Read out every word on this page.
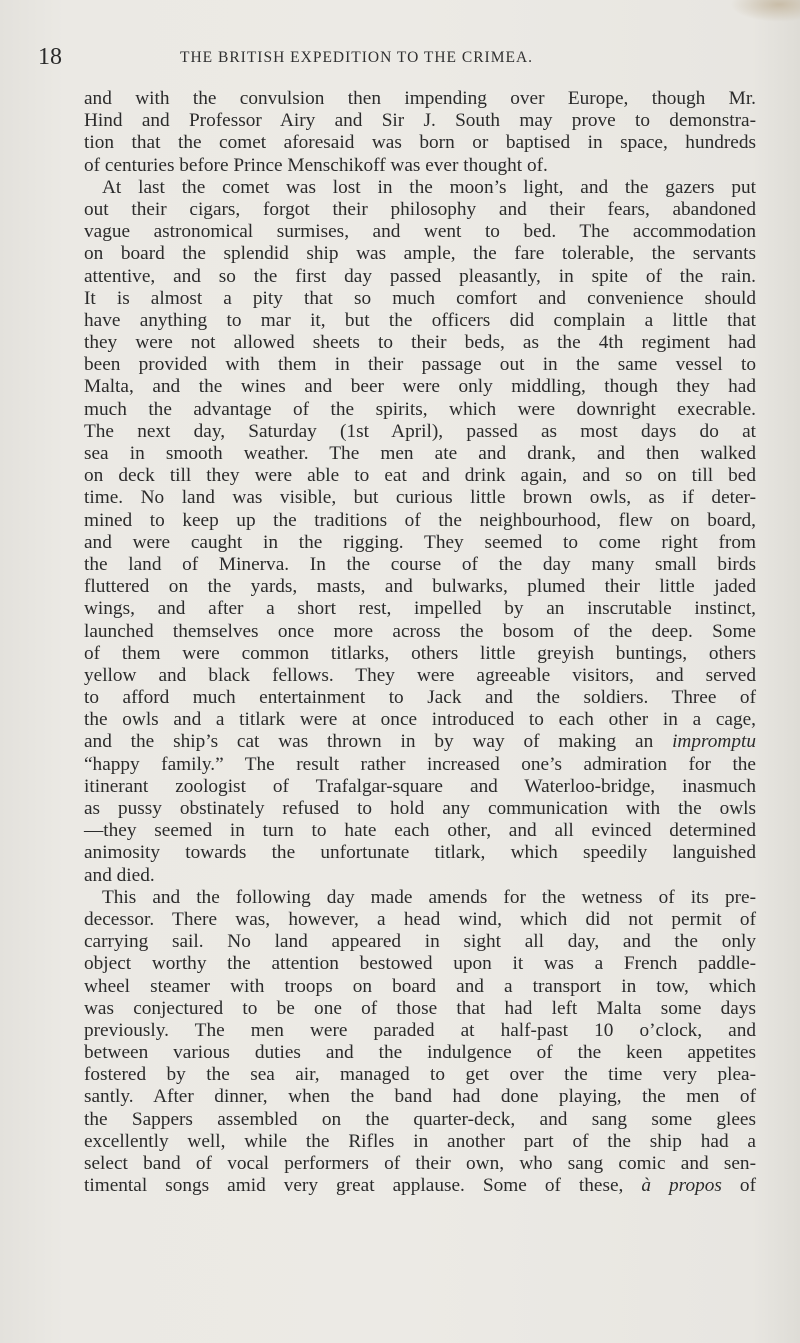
18	THE BRITISH EXPEDITION TO THE CRIMEA.
and with the convulsion then impending over Europe, though Mr.
Hind and Professor Airy and Sir J. South may prove to demonstra-
tion that the comet aforesaid was born or baptised in space, hundreds
of centuries before Prince Menschikoff was ever thought of.
At last the comet was lost in the moon’s light, and the gazers put
out their cigars, forgot their philosophy and their fears, abandoned
vague astronomical surmises, and went to bed. The accommodation
on board the splendid ship was ample, the fare tolerable, the servants
attentive, and so the first day passed pleasantly, in spite of the rain.
It is almost a pity that so much comfort and convenience should
have anything to mar it, but the officers did complain a little that
they were not allowed sheets to their beds, as the 4th regiment had
been provided with them in their passage out in the same vessel to
Malta, and the wines and beer were only middling, though they had
much the advantage of the spirits, which were downright execrable.
The next day, Saturday (1st April), passed as most days do at
sea in smooth weather. The men ate and drank, and then walked
on deck till they were able to eat and drink again, and so on till bed
time. No land was visible, but curious little brown owls, as if deter-
mined to keep up the traditions of the neighbourhood, flew on board,
and were caught in the rigging. They seemed to come right from
the land of Minerva. In the course of the day many small birds
fluttered on the yards, masts, and bulwarks, plumed their little jaded
wings, and after a short rest, impelled by an inscrutable instinct,
launched themselves once more across the bosom of the deep. Some
of them were common titlarks, others little greyish buntings, others
yellow and black fellows. They were agreeable visitors, and served
to afford much entertainment to Jack and the soldiers. Three of
the owls and a titlark were at once introduced to each other in a cage,
and the ship’s cat was thrown in by way of making an impromptu
“happy family.” The result rather increased one’s admiration for the
itinerant zoologist of Trafalgar-square and Waterloo-bridge, inasmuch
as pussy obstinately refused to hold any communication with the owls
—they seemed in turn to hate each other, and all evinced determined
animosity towards the unfortunate titlark, which speedily languished
and died.
This and the following day made amends for the wetness of its pre-
decessor. There was, however, a head wind, which did not permit of
carrying sail. No land appeared in sight all day, and the only
object worthy the attention bestowed upon it was a French paddle-
wheel steamer with troops on board and a transport in tow, which
was conjectured to be one of those that had left Malta some days
previously. The men were paraded at half-past 10 o’clock, and
between various duties and the indulgence of the keen appetites
fostered by the sea air, managed to get over the time very plea-
santly. After dinner, when the band had done playing, the men of
the Sappers assembled on the quarter-deck, and sang some glees
excellently well, while the Rifles in another part of the ship had a
select band of vocal performers of their own, who sang comic and sen-
timental songs amid very great applause. Some of these, à propos of
